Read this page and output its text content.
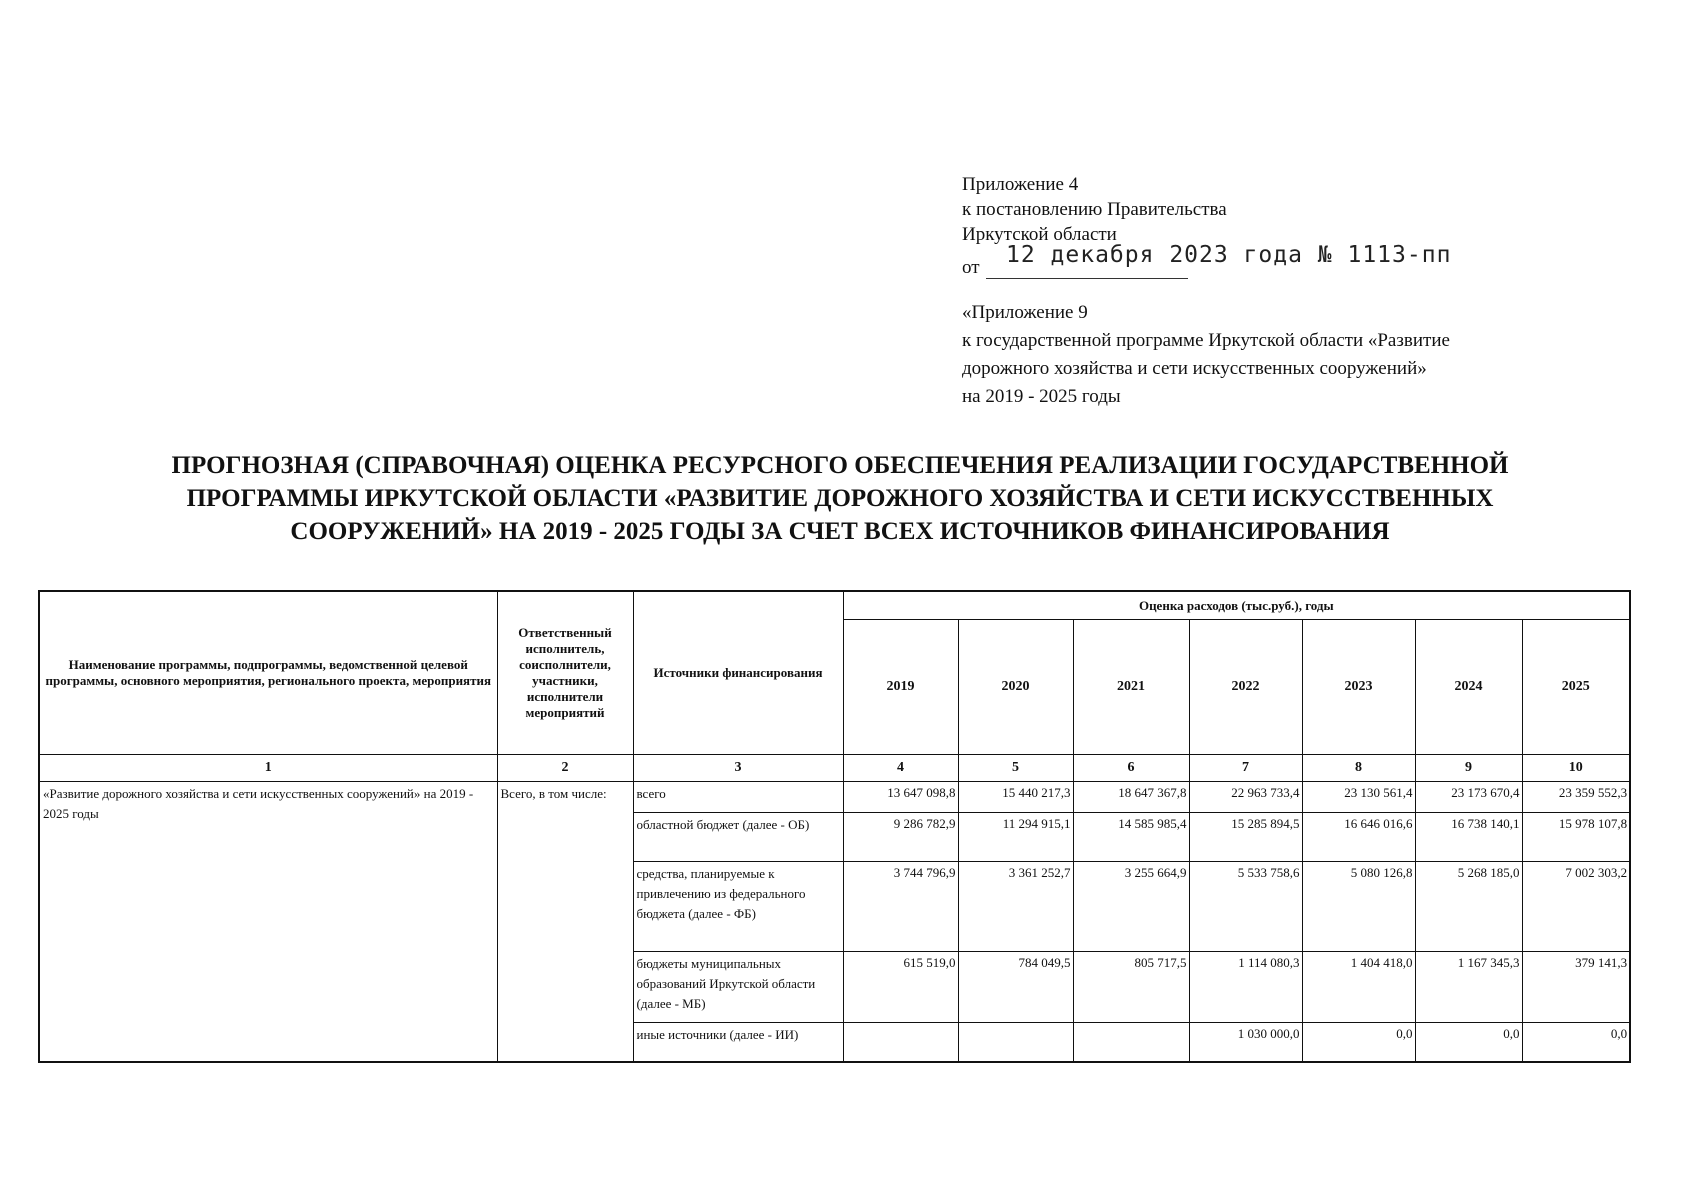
Приложение 4
к постановлению Правительства
Иркутской области
от 12 декабря 2023 года № 1113-пп
«Приложение 9
к государственной программе Иркутской области «Развитие
дорожного хозяйства и сети искусственных сооружений»
на 2019 - 2025 годы
ПРОГНОЗНАЯ (СПРАВОЧНАЯ) ОЦЕНКА РЕСУРСНОГО ОБЕСПЕЧЕНИЯ РЕАЛИЗАЦИИ ГОСУДАРСТВЕННОЙ
ПРОГРАММЫ ИРКУТСКОЙ ОБЛАСТИ «РАЗВИТИЕ ДОРОЖНОГО ХОЗЯЙСТВА И СЕТИ ИСКУССТВЕННЫХ
СООРУЖЕНИЙ» НА 2019 - 2025 ГОДЫ ЗА СЧЕТ ВСЕХ ИСТОЧНИКОВ ФИНАНСИРОВАНИЯ
Наименование программы, подпрограммы, ведомственной целевой программы, основного мероприятия, регионального проекта, мероприятия	Ответственный исполнитель, соисполнители, участники, исполнители мероприятий	Источники финансирования	Оценка расходов (тыс.руб.), годы						
			2019	2020	2021	2022	2023	2024	2025
1	2	3	4	5	6	7	8	9	10
«Развитие дорожного хозяйства и сети искусственных сооружений» на 2019 - 2025 годы	Всего, в том числе:	всего	13 647 098,8	15 440 217,3	18 647 367,8	22 963 733,4	23 130 561,4	23 173 670,4	23 359 552,3
		областной бюджет (далее - ОБ)	9 286 782,9	11 294 915,1	14 585 985,4	15 285 894,5	16 646 016,6	16 738 140,1	15 978 107,8
		средства, планируемые к привлечению из федерального бюджета (далее - ФБ)	3 744 796,9	3 361 252,7	3 255 664,9	5 533 758,6	5 080 126,8	5 268 185,0	7 002 303,2
		бюджеты муниципальных образований Иркутской области (далее - МБ)	615 519,0	784 049,5	805 717,5	1 114 080,3	1 404 418,0	1 167 345,3	379 141,3
		иные источники (далее - ИИ)				1 030 000,0	0,0	0,0	0,0
